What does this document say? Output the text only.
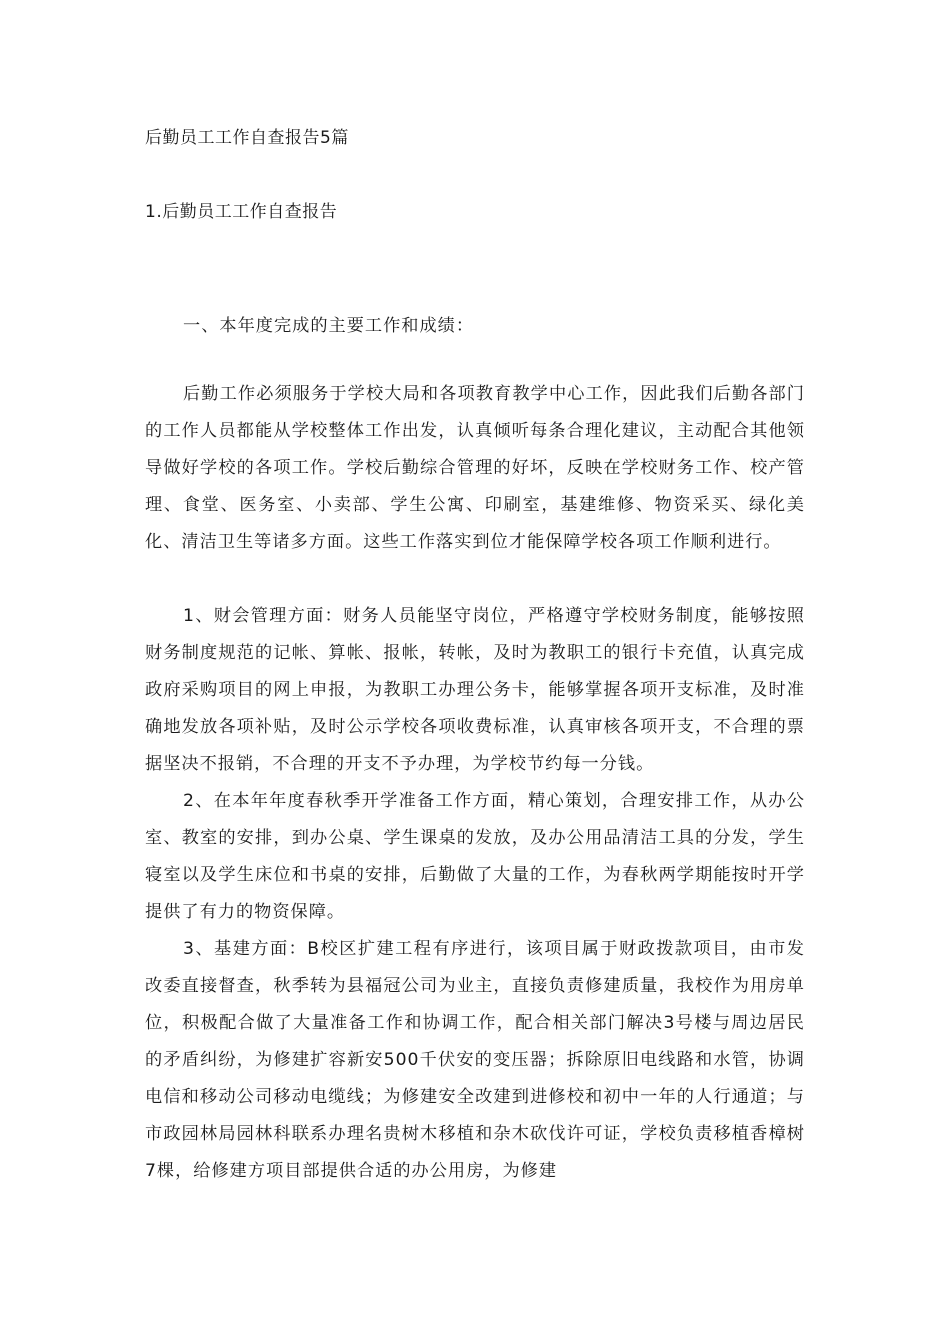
后勤员工工作自查报告5篇
1.后勤员工工作自查报告

一、本年度完成的主要工作和成绩：

后勤工作必须服务于学校大局和各项教育教学中心工作，因此我们后勤各部门的工作人员都能从学校整体工作出发，认真倾听每条合理化建议，主动配合其他领导做好学校的各项工作。学校后勤综合管理的好坏，反映在学校财务工作、校产管理、食堂、医务室、小卖部、学生公寓、印刷室，基建维修、物资采买、绿化美化、清洁卫生等诸多方面。这些工作落实到位才能保障学校各项工作顺利进行。

1、财会管理方面：财务人员能坚守岗位，严格遵守学校财务制度，能够按照财务制度规范的记帐、算帐、报帐，转帐，及时为教职工的银行卡充值，认真完成政府采购项目的网上申报，为教职工办理公务卡，能够掌握各项开支标准，及时准确地发放各项补贴，及时公示学校各项收费标准，认真审核各项开支，不合理的票据坚决不报销，不合理的开支不予办理，为学校节约每一分钱。

2、在本年年度春秋季开学准备工作方面，精心策划，合理安排工作，从办公室、教室的安排，到办公桌、学生课桌的发放，及办公用品清洁工具的分发，学生寝室以及学生床位和书桌的安排，后勤做了大量的工作，为春秋两学期能按时开学提供了有力的物资保障。

3、基建方面：B校区扩建工程有序进行，该项目属于财政拨款项目，由市发改委直接督查，秋季转为县福冠公司为业主，直接负责修建质量，我校作为用房单位，积极配合做了大量准备工作和协调工作，配合相关部门解决3号楼与周边居民的矛盾纠纷，为修建扩容新安500千伏安的变压器；拆除原旧电线路和水管，协调电信和移动公司移动电缆线；为修建安全改建到进修校和初中一年的人行通道；与市政园林局园林科联系办理名贵树木移植和杂木砍伐许可证，学校负责移植香樟树7棵，给修建方项目部提供合适的办公用房，为修建
